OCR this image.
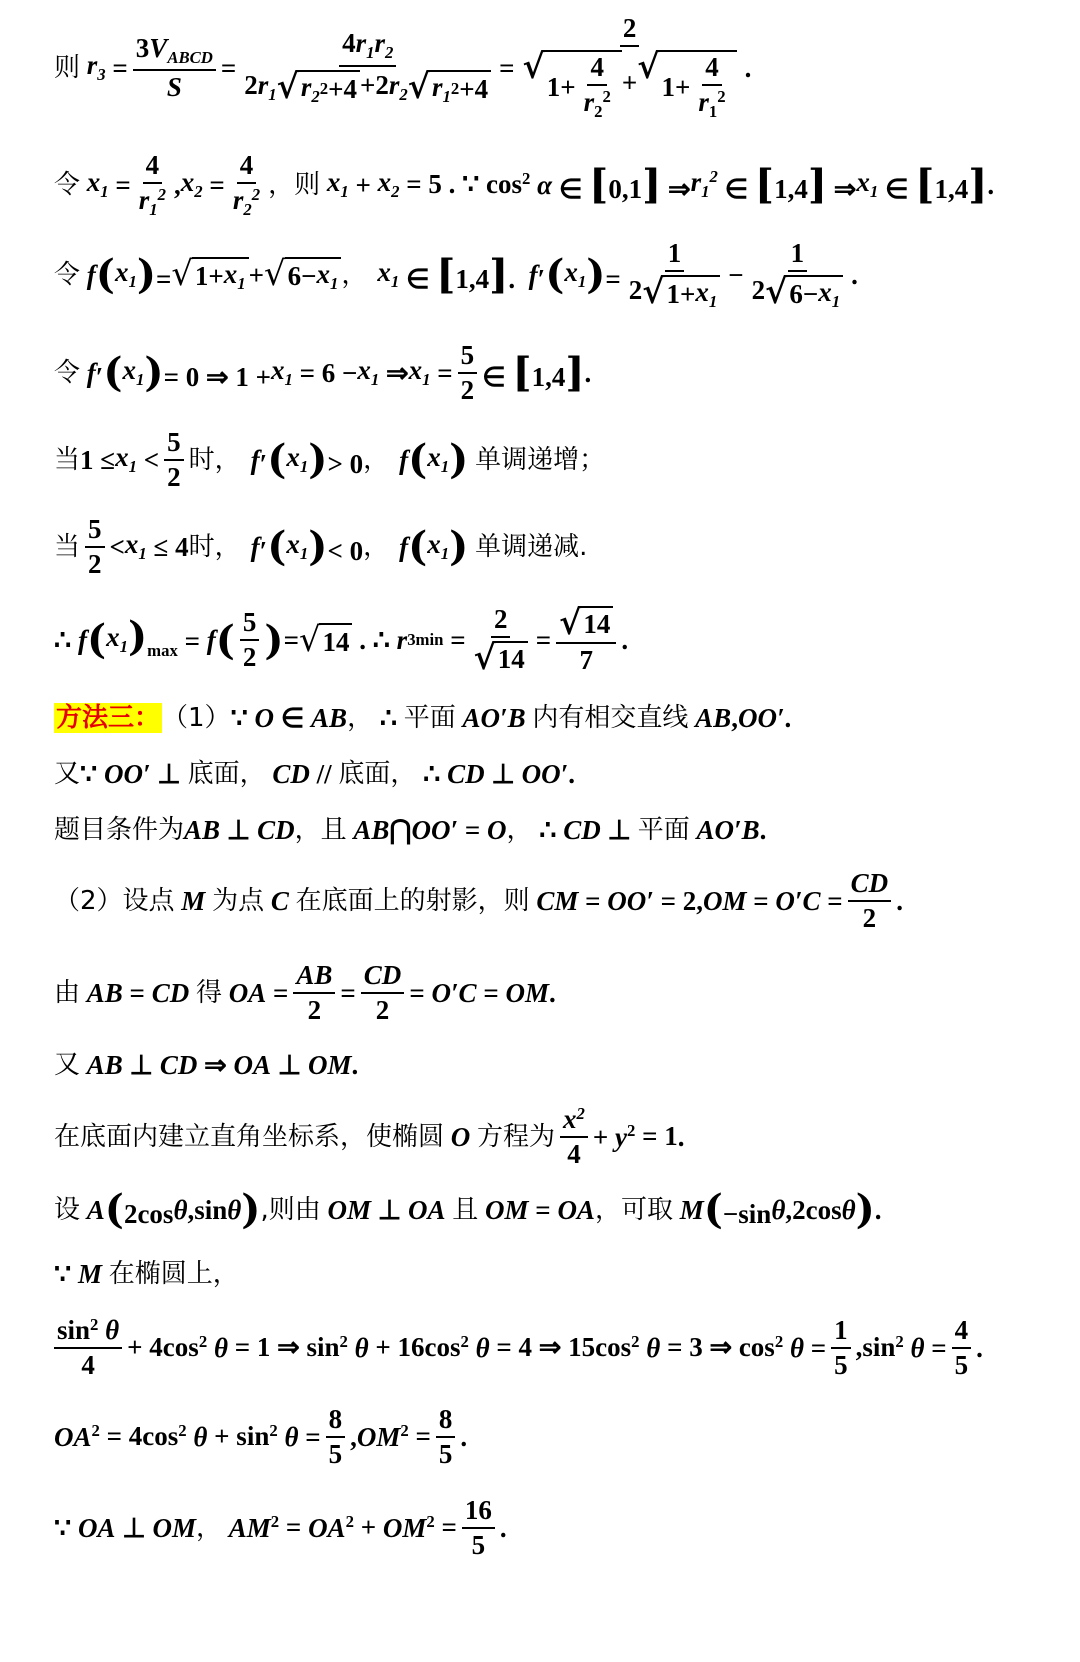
则 $r_3 = \frac{3V_{ABCD}}{S} = \frac{4r_1r_2}{2r_1 √ r_2 2 +4 +2r_2 √ r_1 2 +4} = 2$
√
$1+ \frac{4}{r_2^2}$ + √
$1+ \frac{4}{r_1^2}$ .
令 $x_1 = \frac{4}{r_1^2}$ , $x_2 = \frac{4}{r_2^2}$ ，则 $x_1 + x_2 = 5$ . ∵ $\cos^2 \alpha$ ∈ [0,1] ⇒ $r_1^2$ ∈ [1,4] ⇒ $x_1$ ∈ [1,4] .
令 f ( $x_1$ )= √ $1+ x_1$ + √ $6- x_1$ ， $x_1$ ∈ [1,4]. f ′( $x_1$ )= $\frac{1}{2 √ 1+ x_1} - \frac{1}{2 √ 6- x_1}$ .
令 f ′( $x_1$ )= 0 ⇒ $1 + x_1 = 6 - x_1$ ⇒ $x_1 = \frac{5}{2}$ ∈ [1,4] .
当 $1 \le x_1 < \frac{5}{2}$ 时， f ′( $x_1$ )> 0 ， f ( $x_1$ ) 单调递增；
当 $\frac{5}{2} < x_1 \le 4$ 时， f ′( $x_1$ )< 0 ， f ( $x_1$ ) 单调递减.
∴ f ( $x_1$ )$_{max} = f$ ( $\frac{5}{2}$ ) = √ 14 . ∴ r $3\min = \frac{2}{√ 14} = \frac{√ 14}{7}$ .
方法三： （1） ∵ O ∈ AB ， ∴ 平面 AO′B 内有相交直线 AB , OO′ .
又 ∵ OO′ ⊥ 底面， CD // 底面， ∴ CD ⊥ OO′ .
题目条件为 AB ⊥ CD ，且 AB ⋂ OO′ = O ， ∴ CD ⊥ 平面 AO′B .
（2）设点 M 为点 C 在底面上的射影，则 CM = OO′ = 2, OM = $O'C = \frac{CD}{2}$ .
由 AB = CD 得 OA = $\frac{AB}{2} = \frac{CD}{2} = O'C$ = OM .
又 AB ⊥ CD ⇒ OA ⊥ OM .
在底面内建立直角坐标系，使椭圆 O 方程为 $\frac{x^2}{4} + y$ $^2$ = 1 .
设 A (2cos θ ,sin θ ) ,则由 OM ⊥ OA 且 OM = OA ，可取 M (−sin θ ,2cos θ ) .
∵ M 在椭圆上，
$\frac{\sin^2 \theta}{4} + 4\cos^2$ θ = 1 ⇒ $\sin^2 \theta + 16\cos^2$ θ = 4 ⇒ $15\cos^2$ θ = 3 ⇒ $\cos^2 \theta = \frac{1}{5} ,\sin^2$ $\theta = \frac{4}{5}$ .
OA $^2 = 4\cos^2$ $\theta + \sin^2 \theta = \frac{8}{5}$ , OM $^2 = \frac{8}{5}$ .
∵ OA ⊥ OM ， AM $^2$ = OA $^2$ + OM $^2 = \frac{16}{5}$ .
